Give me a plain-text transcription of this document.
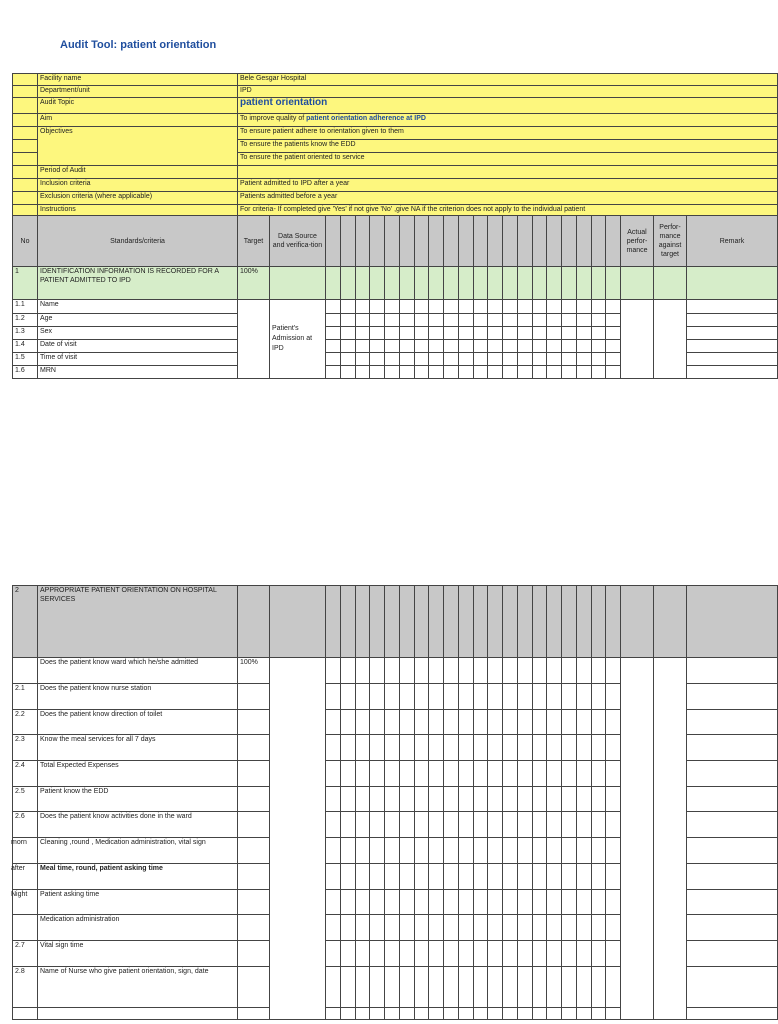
Audit Tool: patient orientation
	Facility name	Bele Gesgar Hospital																								
	Department/unit	IPD																								
	Audit Topic	patient orientation																								
	Aim	To improve quality of patient orientation adherence at IPD																								
	Objectives	To ensure patient adhere to orientation given to them																								
		To ensure the patients know the EDD																								
		To ensure the patient oriented to service																								
	Period of Audit																									
	Inclusion criteria	Patient admitted to IPD after a year																								
	Exclusion criteria (where applicable)	Patients admitted before a year																								
	Instructions	For criteria- If completed give 'Yes' if not give 'No' ,give NA if the criterion does not apply to the individual patient																								
No	Standards/criteria	Target	Data Source and verifica-tion																					Actual perfor-mance	Perfor-mance against target	Remark
1	IDENTIFICATION INFORMATION IS RECORDED FOR A PATIENT ADMITTED TO IPD	100%																								
1.1	Name		Patient's Admission at IPD																							
1.2	Age																									
1.3	Sex																									
1.4	Date of visit																									
1.5	Time of visit																									
1.6	MRN																									
2	APPROPRIATE PATIENT ORIENTATION ON HOSPITAL SERVICES																									
	Does the patient know ward which he/she admitted	100%																								
2.1	Does the patient know nurse station																									
2.2	Does the patient know direction of toilet																									
2.3	Know the meal services for all 7 days																									
2.4	Total Expected Expenses																									
2.5	Patient know the EDD																									
2.6	Does the patient know activities done in the ward																									
morn	Cleaning ,round , Medication administration, vital sign																									
after	Meal time, round, patient asking time																									
Night	Patient asking time																									
	Medication administration																									
2.7	Vital sign time																									
2.8	Name of Nurse who give patient orientation, sign, date																									
